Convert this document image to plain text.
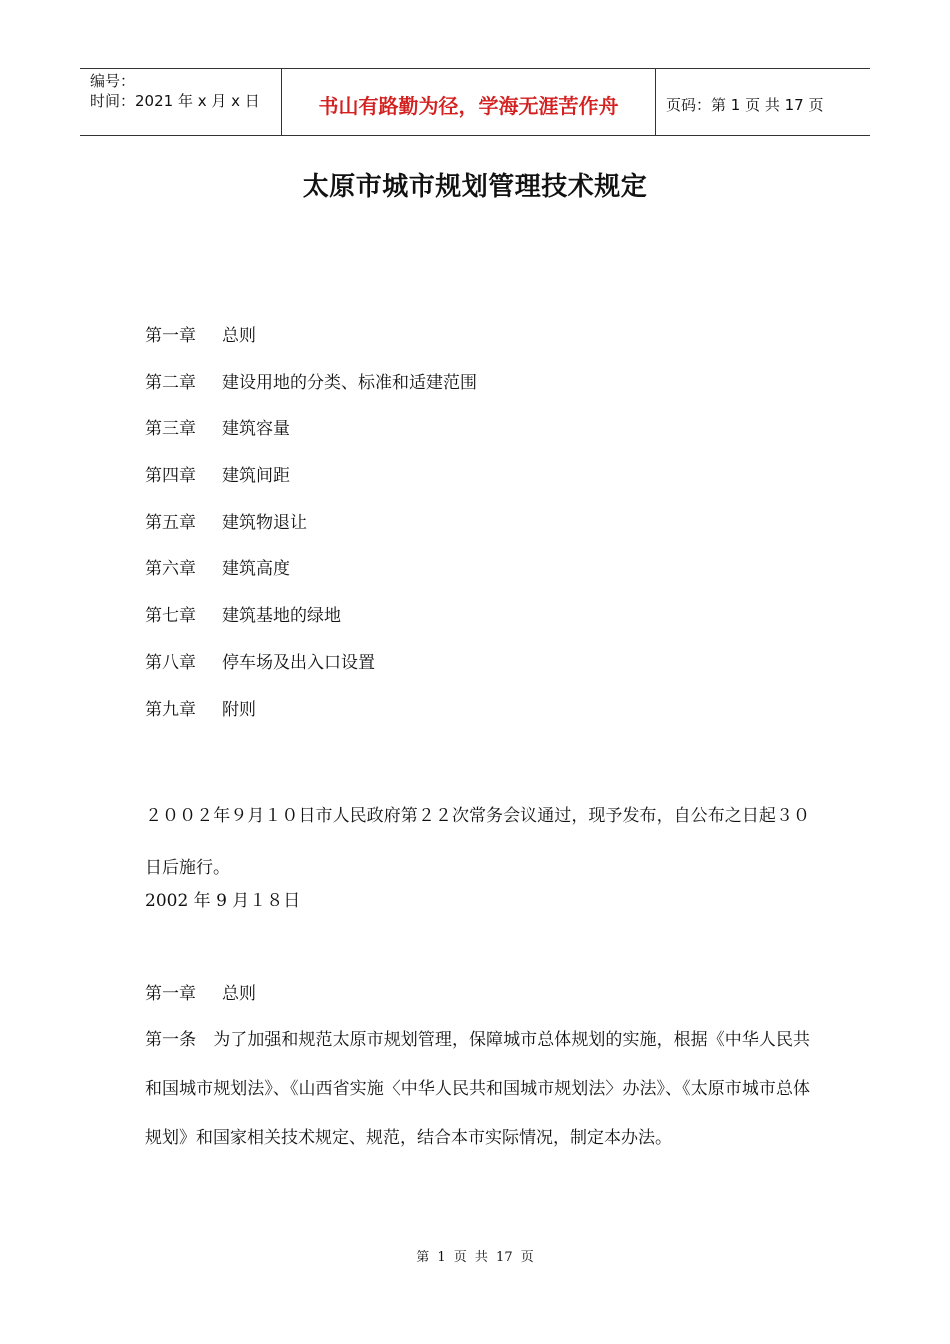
编号：
时间：2021 年 x 月 x 日	书山有路勤为径，学海无涯苦作舟	页码：第 1 页 共 17 页
太原市城市规划管理技术规定
第一章	总则
第二章	建设用地的分类、标准和适建范围
第三章	建筑容量
第四章	建筑间距
第五章	建筑物退让
第六章	建筑高度
第七章	建筑基地的绿地
第八章	停车场及出入口设置
第九章	附则
２００２年９月１０日市人民政府第２２次常务会议通过，现予发布，自公布之日起３０日后施行。
2002 年 9 月１８日
第一章	总则
第一条　为了加强和规范太原市规划管理，保障城市总体规划的实施，根据《中华人民共和国城市规划法》、《山西省实施〈中华人民共和国城市规划法〉办法》、《太原市城市总体规划》和国家相关技术规定、规范，结合本市实际情况，制定本办法。
第 1 页 共 17 页
